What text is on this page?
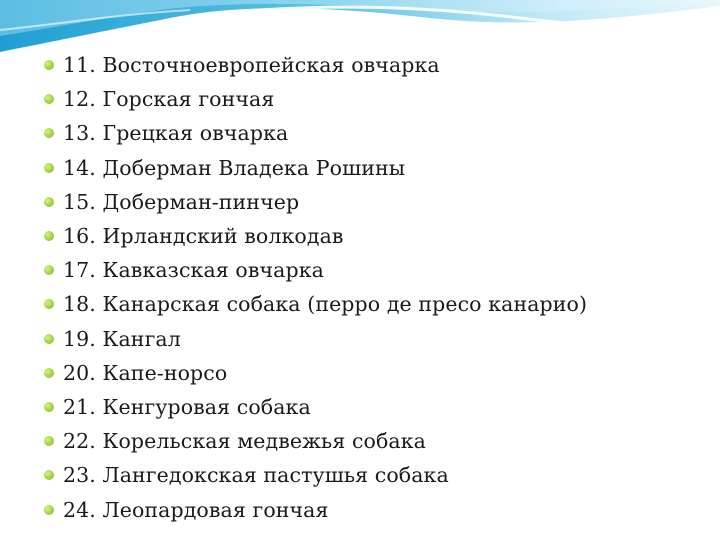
11. Восточноевропейская овчарка
12. Горская гончая
13. Грецкая овчарка
14. Доберман Владека Рошины
15. Доберман-пинчер
16. Ирландский волкодав
17. Кавказская овчарка
18. Канарская собака (перро де пресо канарио)
19. Кангал
20. Капе-норсо
21. Кенгуровая собака
22. Корельская медвежья собака
23. Лангедокская пастушья собака
24. Леопардовая гончая
